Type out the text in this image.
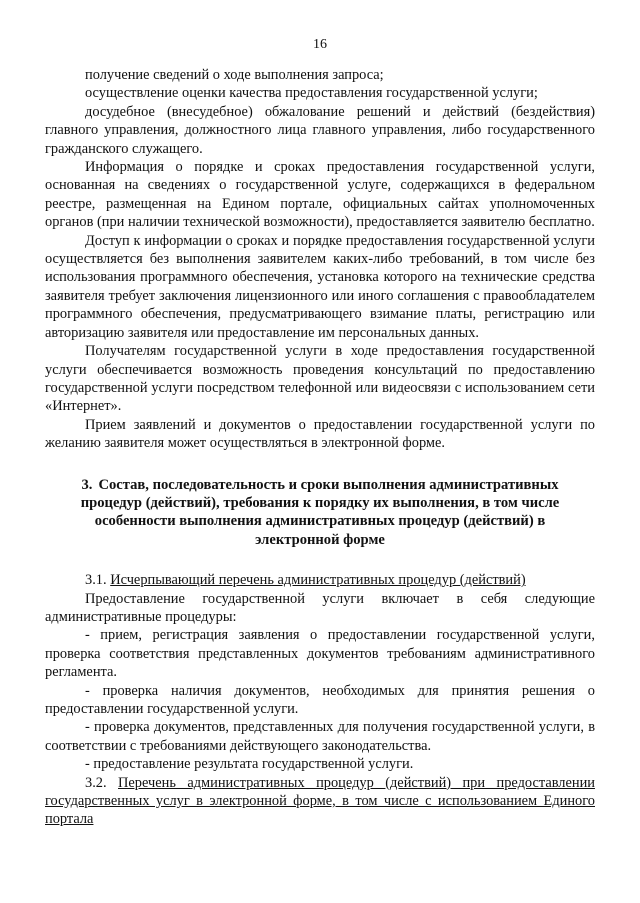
16

получение сведений о ходе выполнения запроса;

осуществление оценки качества предоставления государственной услуги;

досудебное (внесудебное) обжалование решений и действий (бездействия) главного управления, должностного лица главного управления, либо государственного гражданского служащего.

Информация о порядке и сроках предоставления государственной услуги, основанная на сведениях о государственной услуге, содержащихся в федеральном реестре, размещенная на Едином портале, официальных сайтах уполномоченных органов (при наличии технической возможности), предоставляется заявителю бесплатно.

Доступ к информации о сроках и порядке предоставления государственной услуги осуществляется без выполнения заявителем каких-либо требований, в том числе без использования программного обеспечения, установка которого на технические средства заявителя требует заключения лицензионного или иного соглашения с правообладателем программного обеспечения, предусматривающего взимание платы, регистрацию или авторизацию заявителя или предоставление им персональных данных.

Получателям государственной услуги в ходе предоставления государственной услуги обеспечивается возможность проведения консультаций по предоставлению государственной услуги посредством телефонной или видеосвязи с использованием сети «Интернет».

Прием заявлений и документов о предоставлении государственной услуги по желанию заявителя может осуществляться в электронной форме.

3. Состав, последовательность и сроки выполнения административных процедур (действий), требования к порядку их выполнения, в том числе особенности выполнения административных процедур (действий) в электронной форме

3.1. Исчерпывающий перечень административных процедур (действий)

Предоставление государственной услуги включает в себя следующие административные процедуры:

- прием, регистрация заявления о предоставлении государственной услуги, проверка соответствия представленных документов требованиям административного регламента.

- проверка наличия документов, необходимых для принятия решения о предоставлении государственной услуги.

- проверка документов, представленных для получения государственной услуги, в соответствии с требованиями действующего законодательства.

- предоставление результата государственной услуги.

3.2. Перечень административных процедур (действий) при предоставлении государственных услуг в электронной форме, в том числе с использованием Единого портала
